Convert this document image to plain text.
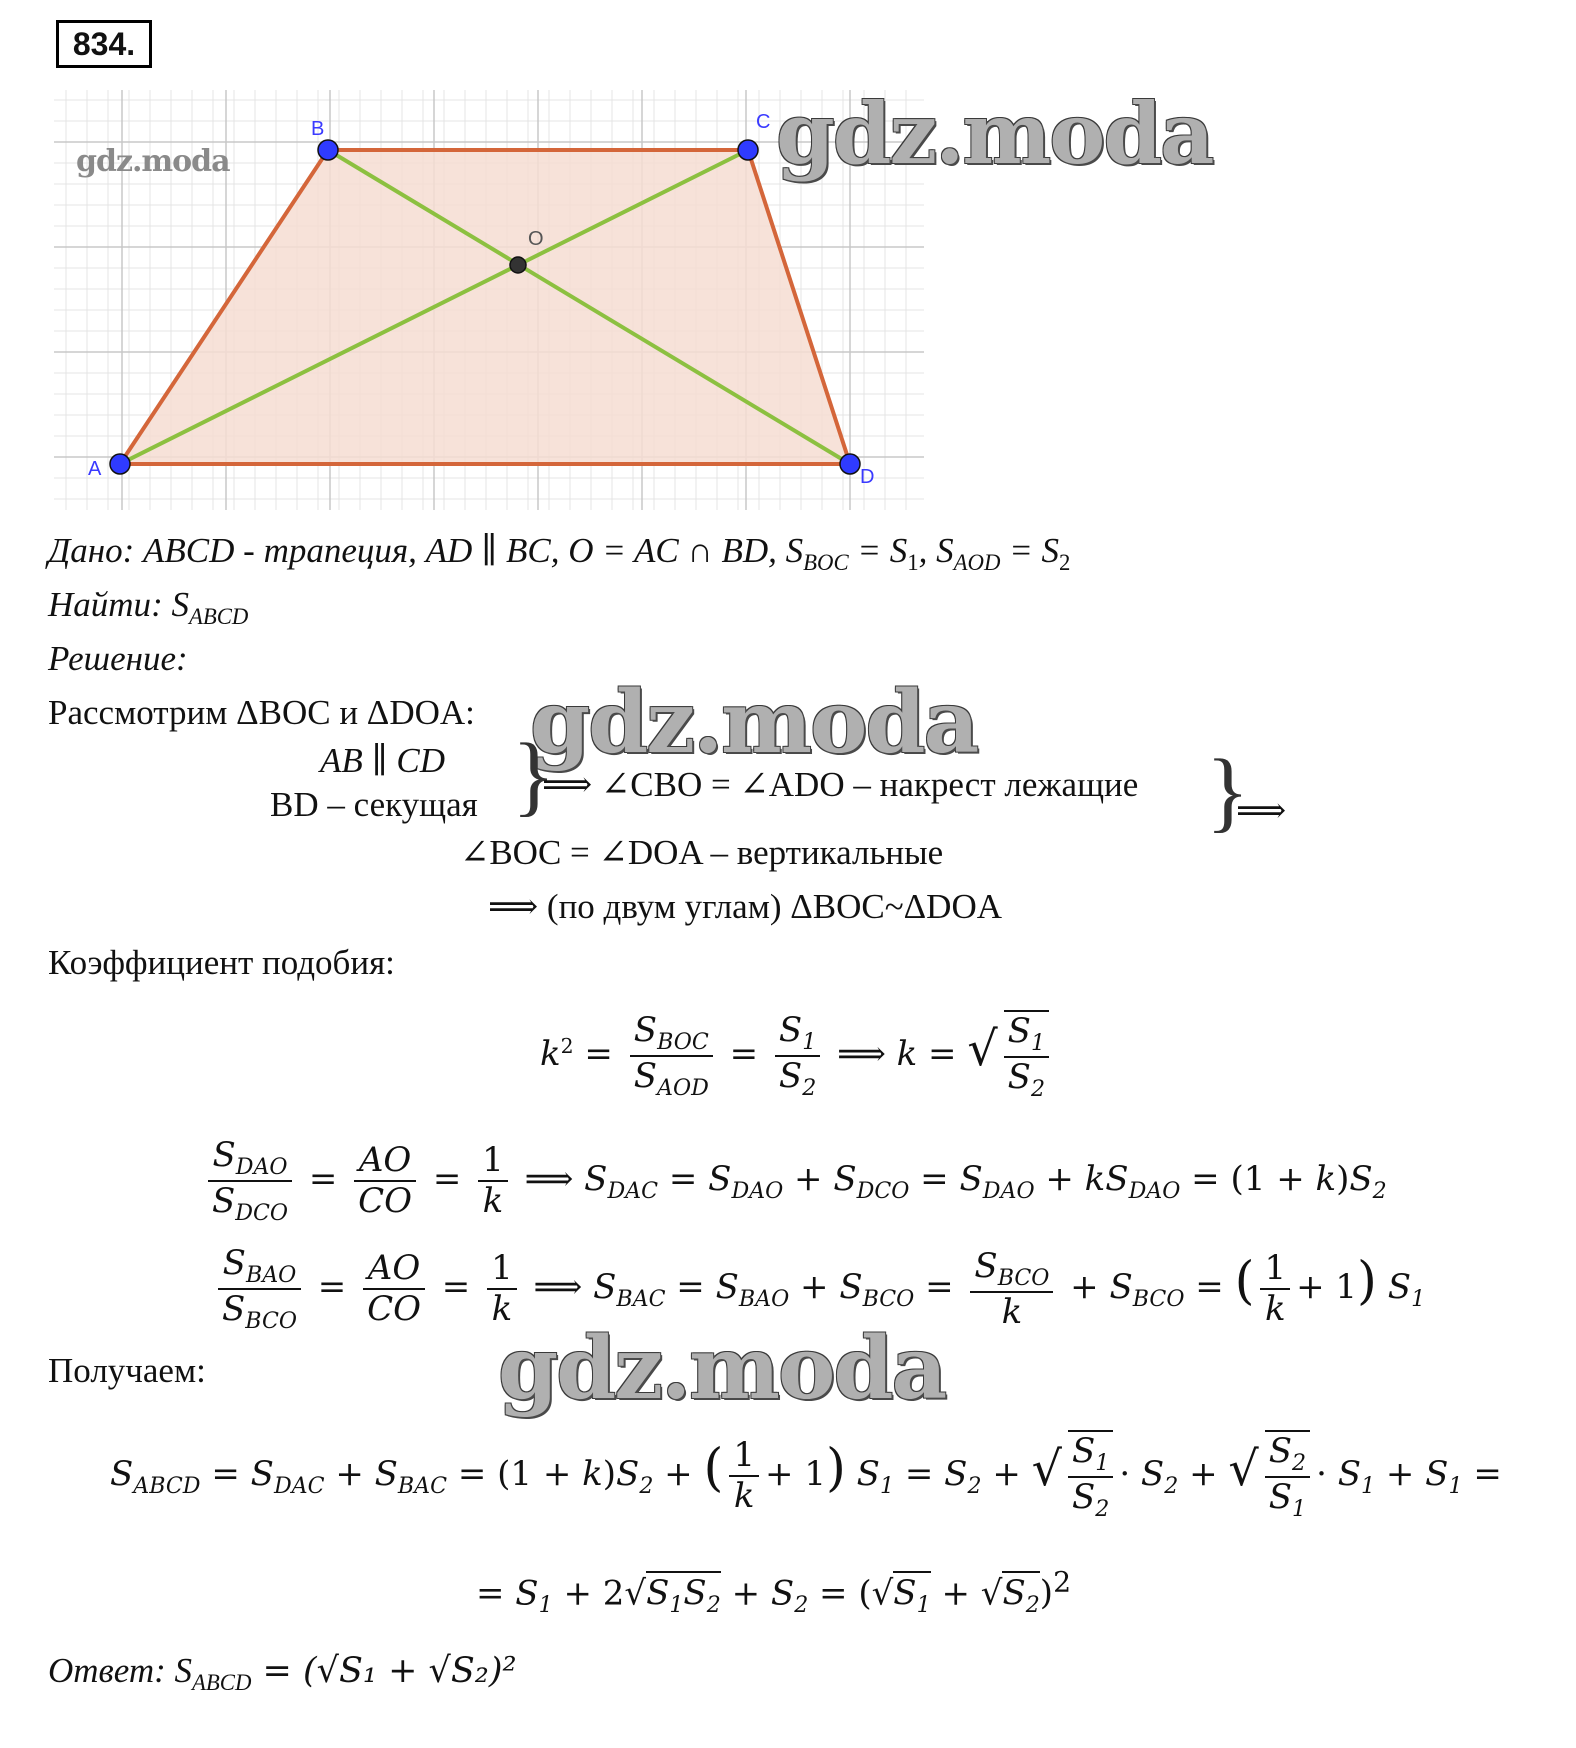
834.
A
B	C
D
O
gdz.moda	gdz.moda
Дано: ABCD - трапеция, AD ∥ BC, O = AC ∩ BD, $S_{BOC} = S_1$, $S_{AOD} = S_2$
Найти: $S_{ABCD}$
Решение:
Рассмотрим ΔBOC и ΔDOA: gdz.moda
AB ∥ CD
BD – секущая }
⟹ ∠CBO = ∠ADO – накрест лежащие }
⟹
∠BOC = ∠DOA – вертикальные
⟹ (по двум углам) ΔBOC~ΔDOA
Коэффициент подобия:
$k^2 = \frac{S_{BOC}}{S_{AOD}} = \frac{S_1}{S_2}$ ⟹ k = √ $\frac{S_1}{S_2}$
$\frac{S_{DAO}}{S_{DCO}} = \frac{AO}{CO} = \frac{1}{k}$ ⟹ $S_{DAC} = S_{DAO} + S_{DCO} = S_{DAO} + kS_{DAO} = (1 + k)S_2$
$\frac{S_{BAO}}{S_{BCO}} = \frac{AO}{CO} = \frac{1}{k}$ ⟹ $S_{BAC} = S_{BAO} + S_{BCO} = \frac{S_{BCO}}{k} + S_{BCO}$ = ( $\frac{1}{k} + 1$) $S_1$
Получаем:	gdz.moda
$S_{ABCD} = S_{DAC} + S_{BAC} = (1 + k)S_2$ + ( $\frac{1}{k} + 1$) $S_1 = S_2$ + √ $\frac{S_1}{S_2} \cdot S_2$ + √ $\frac{S_2}{S_1} \cdot S_1 + S_1$ =
= $S_1 + 2√S_1S_2 + S_2 = (√S_1 + √S_2)^2$
Ответ: $S_{ABCD} = (√S_1 + √S_2)^2$
